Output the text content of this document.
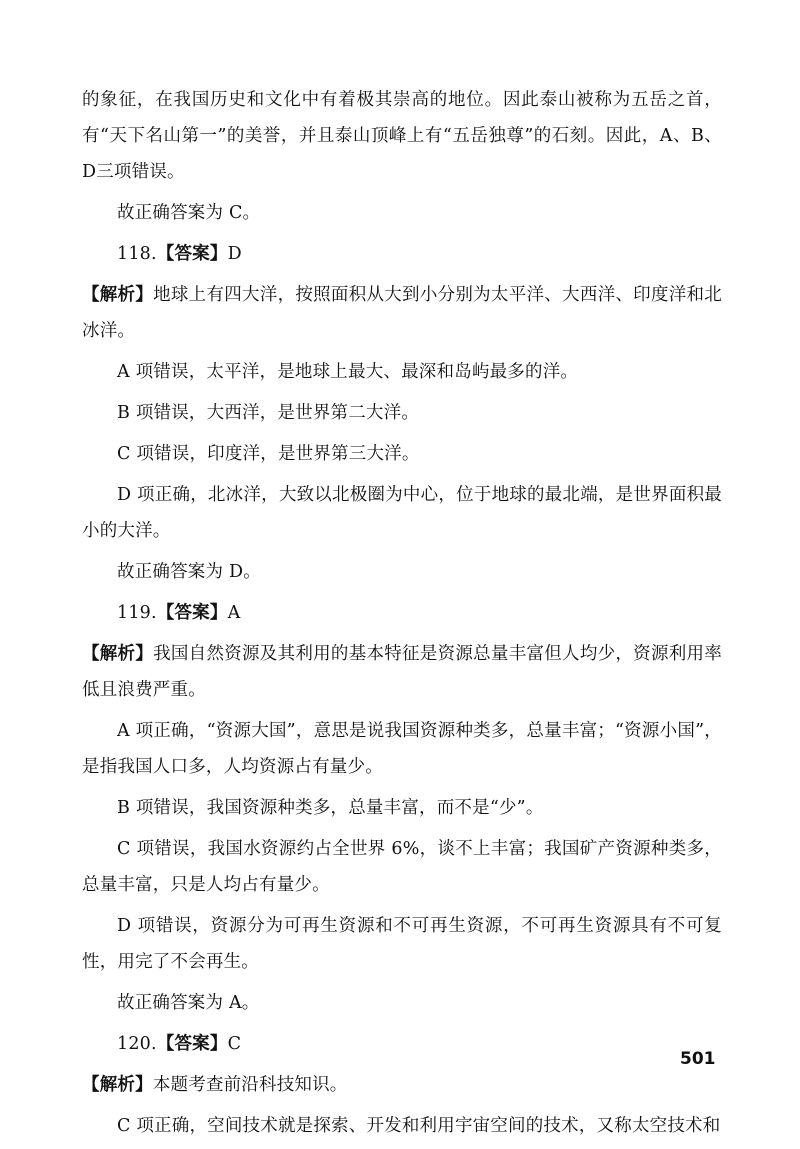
的象征，在我国历史和文化中有着极其崇高的地位。因此泰山被称为五岳之首，有“天下名山第一”的美誉，并且泰山顶峰上有“五岳独尊”的石刻。因此，A、B、D三项错误。

故正确答案为 C。

118.【答案】D

【解析】地球上有四大洋，按照面积从大到小分别为太平洋、大西洋、印度洋和北冰洋。

A 项错误，太平洋，是地球上最大、最深和岛屿最多的洋。

B 项错误，大西洋，是世界第二大洋。

C 项错误，印度洋，是世界第三大洋。

D 项正确，北冰洋，大致以北极圈为中心，位于地球的最北端，是世界面积最小的大洋。

故正确答案为 D。

119.【答案】A

【解析】我国自然资源及其利用的基本特征是资源总量丰富但人均少，资源利用率低且浪费严重。

A 项正确，“资源大国”，意思是说我国资源种类多，总量丰富；“资源小国”，是指我国人口多，人均资源占有量少。

B 项错误，我国资源种类多，总量丰富，而不是“少”。

C 项错误，我国水资源约占全世界 6%，谈不上丰富；我国矿产资源种类多，总量丰富，只是人均占有量少。

D 项错误，资源分为可再生资源和不可再生资源，不可再生资源具有不可复性，用完了不会再生。

故正确答案为 A。

120.【答案】C

【解析】本题考查前沿科技知识。

C 项正确，空间技术就是探索、开发和利用宇宙空间的技术，又称太空技术和

501
